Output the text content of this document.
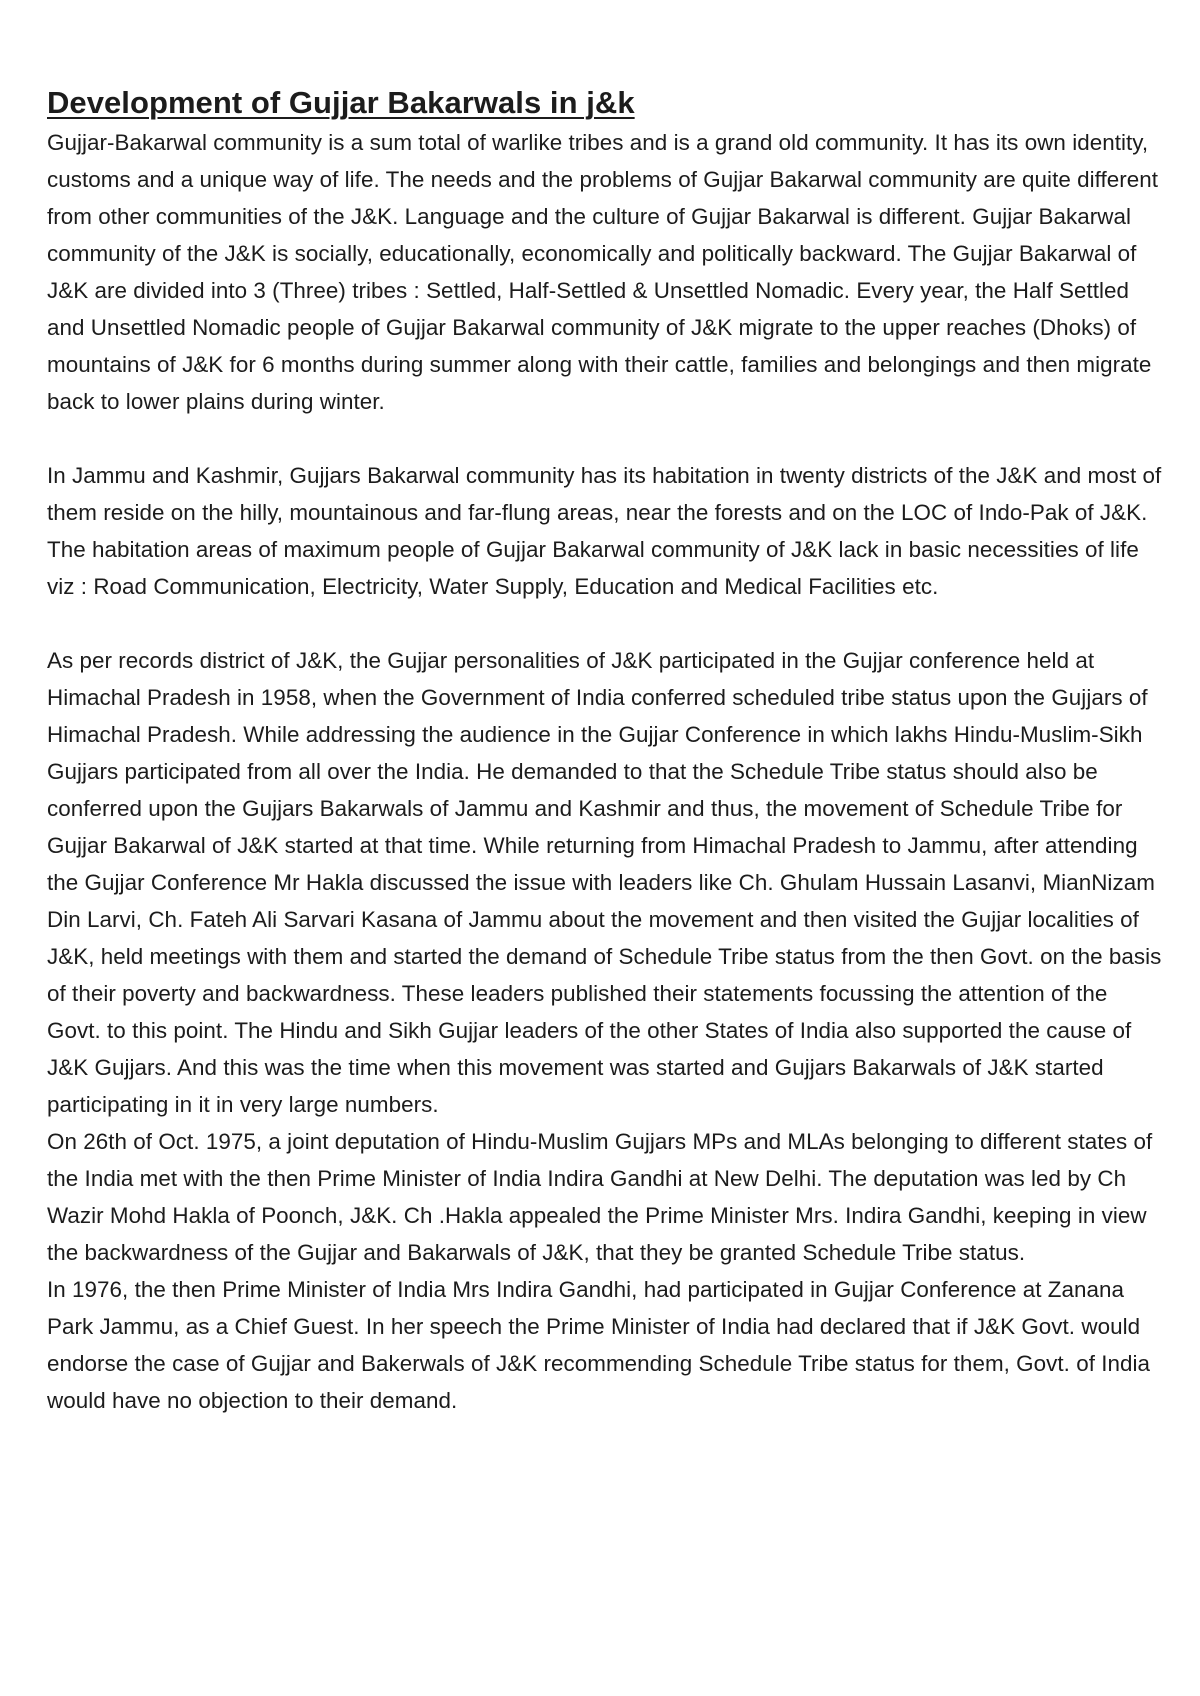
Development of Gujjar Bakarwals in j&k

Gujjar-Bakarwal community is a sum total of warlike tribes and is a grand old community. It has its own identity, customs and a unique way of life. The needs and the problems of Gujjar Bakarwal community are quite different from other communities of the J&K. Language and the culture of Gujjar Bakarwal is different. Gujjar Bakarwal community of the J&K is socially, educationally, economically and politically backward. The Gujjar Bakarwal of J&K are divided into 3 (Three) tribes : Settled, Half-Settled & Unsettled Nomadic. Every year, the Half Settled and Unsettled Nomadic people of Gujjar Bakarwal community of J&K migrate to the upper reaches (Dhoks) of mountains of J&K for 6 months during summer along with their cattle, families and belongings and then migrate back to lower plains during winter.

In Jammu and Kashmir, Gujjars Bakarwal community has its habitation in twenty districts of the J&K and most of them reside on the hilly, mountainous and far-flung areas, near the forests and on the LOC of Indo-Pak of J&K. The habitation areas of maximum people of Gujjar Bakarwal community of J&K lack in basic necessities of life viz : Road Communication, Electricity, Water Supply, Education and Medical Facilities etc.

As per records district of J&K, the Gujjar personalities of J&K participated in the Gujjar conference held at Himachal Pradesh in 1958, when the Government of India conferred scheduled tribe status upon the Gujjars of Himachal Pradesh. While addressing the audience in the Gujjar Conference in which lakhs Hindu-Muslim-Sikh Gujjars participated from all over the India. He demanded to that the Schedule Tribe status should also be conferred upon the Gujjars Bakarwals of Jammu and Kashmir and thus, the movement of Schedule Tribe for Gujjar Bakarwal of J&K started at that time. While returning from Himachal Pradesh to Jammu, after attending the Gujjar Conference Mr Hakla discussed the issue with leaders like Ch. Ghulam Hussain Lasanvi, MianNizam Din Larvi, Ch. Fateh Ali Sarvari Kasana of Jammu about the movement and then visited the Gujjar localities of J&K, held meetings with them and started the demand of Schedule Tribe status from the then Govt. on the basis of their poverty and backwardness. These leaders published their statements focussing the attention of the Govt. to this point. The Hindu and Sikh Gujjar leaders of the other States of India also supported the cause of J&K Gujjars. And this was the time when this movement was started and Gujjars Bakarwals of J&K started participating in it in very large numbers.

On 26th of Oct. 1975, a joint deputation of Hindu-Muslim Gujjars MPs and MLAs belonging to different states of the India met with the then Prime Minister of India Indira Gandhi at New Delhi. The deputation was led by Ch Wazir Mohd Hakla of Poonch, J&K. Ch .Hakla appealed the Prime Minister Mrs. Indira Gandhi, keeping in view the backwardness of the Gujjar and Bakarwals of J&K, that they be granted Schedule Tribe status.

In 1976, the then Prime Minister of India Mrs Indira Gandhi, had participated in Gujjar Conference at Zanana Park Jammu, as a Chief Guest. In her speech the Prime Minister of India had declared that if J&K Govt. would endorse the case of Gujjar and Bakerwals of J&K recommending Schedule Tribe status for them, Govt. of India would have no objection to their demand.
